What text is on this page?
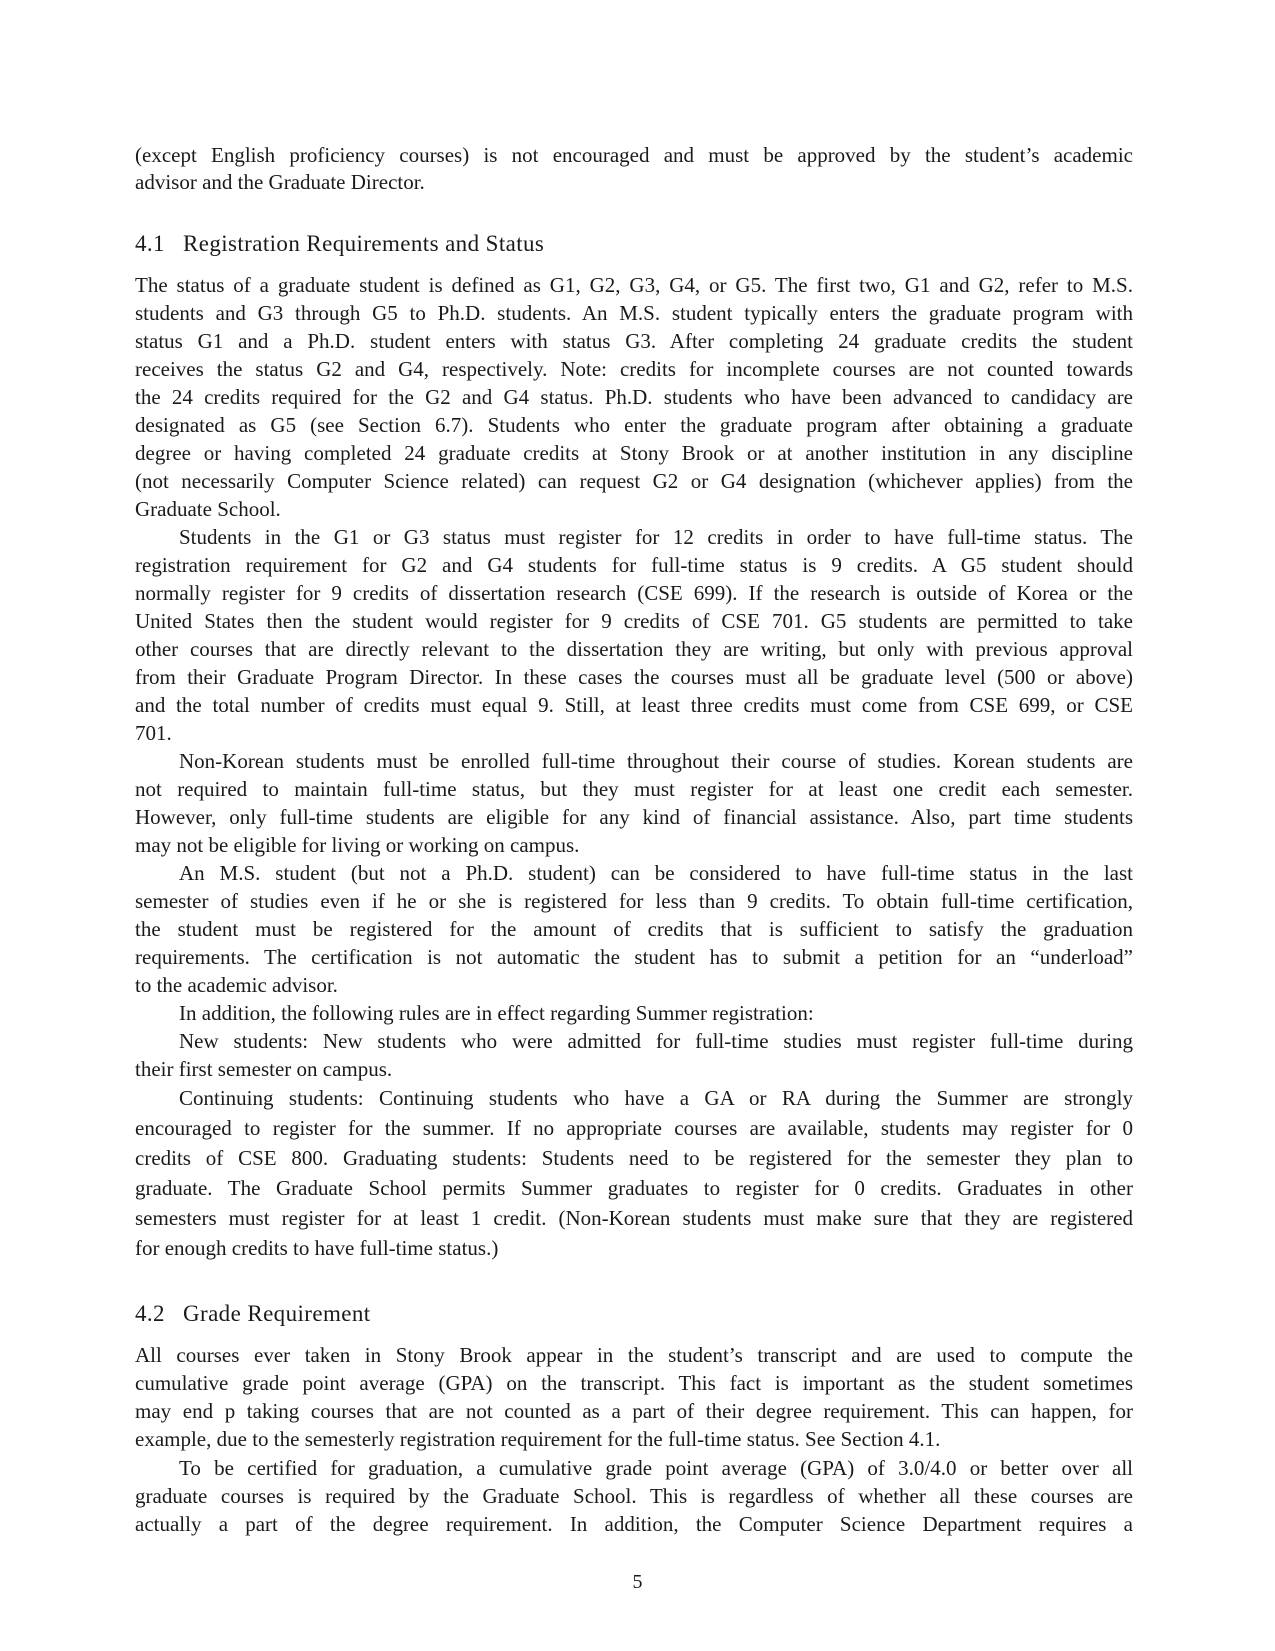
(except English proficiency courses) is not encouraged and must be approved by the student’s academic
advisor and the Graduate Director.
4.1 Registration Requirements and Status
The status of a graduate student is defined as G1, G2, G3, G4, or G5. The first two, G1 and G2, refer to M.S.
students and G3 through G5 to Ph.D. students. An M.S. student typically enters the graduate program with
status G1 and a Ph.D. student enters with status G3. After completing 24 graduate credits the student
receives the status G2 and G4, respectively. Note: credits for incomplete courses are not counted towards
the 24 credits required for the G2 and G4 status. Ph.D. students who have been advanced to candidacy are
designated as G5 (see Section 6.7). Students who enter the graduate program after obtaining a graduate
degree or having completed 24 graduate credits at Stony Brook or at another institution in any discipline
(not necessarily Computer Science related) can request G2 or G4 designation (whichever applies) from the
Graduate School.
Students in the G1 or G3 status must register for 12 credits in order to have full-time status. The
registration requirement for G2 and G4 students for full-time status is 9 credits. A G5 student should
normally register for 9 credits of dissertation research (CSE 699). If the research is outside of Korea or the
United States then the student would register for 9 credits of CSE 701. G5 students are permitted to take
other courses that are directly relevant to the dissertation they are writing, but only with previous approval
from their Graduate Program Director. In these cases the courses must all be graduate level (500 or above)
and the total number of credits must equal 9. Still, at least three credits must come from CSE 699, or CSE
701.
Non-Korean students must be enrolled full-time throughout their course of studies. Korean students are
not required to maintain full-time status, but they must register for at least one credit each semester.
However, only full-time students are eligible for any kind of financial assistance. Also, part time students
may not be eligible for living or working on campus.
An M.S. student (but not a Ph.D. student) can be considered to have full-time status in the last
semester of studies even if he or she is registered for less than 9 credits. To obtain full-time certification,
the student must be registered for the amount of credits that is sufficient to satisfy the graduation
requirements. The certification is not automatic the student has to submit a petition for an “underload”
to the academic advisor.
In addition, the following rules are in effect regarding Summer registration:
New students: New students who were admitted for full-time studies must register full-time during
their first semester on campus.
Continuing students: Continuing students who have a GA or RA during the Summer are strongly
encouraged to register for the summer. If no appropriate courses are available, students may register for 0
credits of CSE 800. Graduating students: Students need to be registered for the semester they plan to
graduate. The Graduate School permits Summer graduates to register for 0 credits. Graduates in other
semesters must register for at least 1 credit. (Non-Korean students must make sure that they are registered
for enough credits to have full-time status.)
4.2 Grade Requirement
All courses ever taken in Stony Brook appear in the student’s transcript and are used to compute the
cumulative grade point average (GPA) on the transcript. This fact is important as the student sometimes
may end p taking courses that are not counted as a part of their degree requirement. This can happen, for
example, due to the semesterly registration requirement for the full-time status. See Section 4.1.
To be certified for graduation, a cumulative grade point average (GPA) of 3.0/4.0 or better over all
graduate courses is required by the Graduate School. This is regardless of whether all these courses are
actually a part of the degree requirement. In addition, the Computer Science Department requires a
5
